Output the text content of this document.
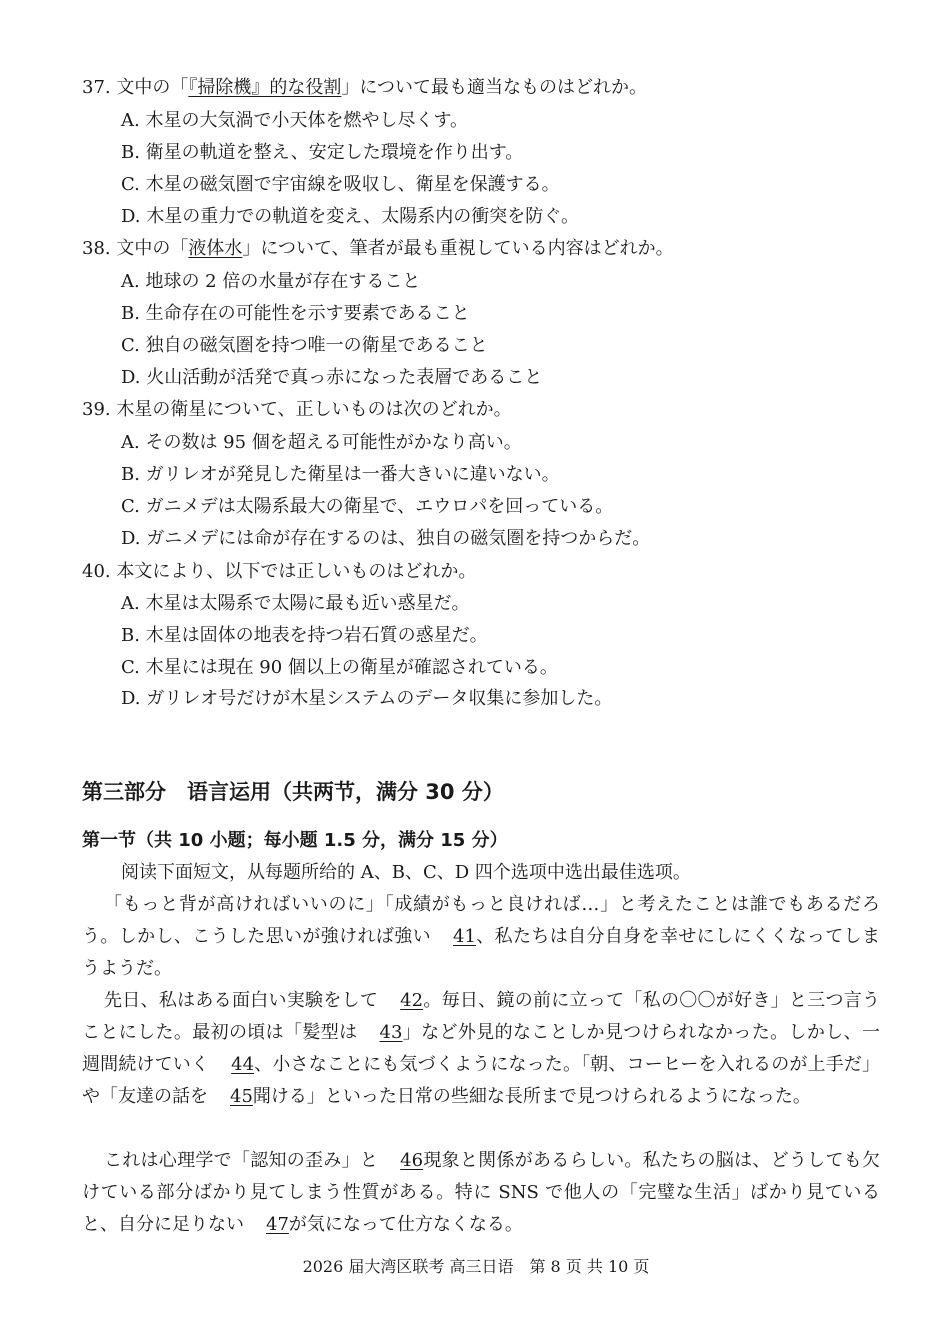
37. 文中の「『掃除機』的な役割」について最も適当なものはどれか。
A. 木星の大気渦で小天体を燃やし尽くす。
B. 衛星の軌道を整え、安定した環境を作り出す。
C. 木星の磁気圏で宇宙線を吸収し、衛星を保護する。
D. 木星の重力での軌道を変え、太陽系内の衝突を防ぐ。
38. 文中の「液体水」について、筆者が最も重視している内容はどれか。
A. 地球の 2 倍の水量が存在すること
B. 生命存在の可能性を示す要素であること
C. 独自の磁気圏を持つ唯一の衛星であること
D. 火山活動が活発で真っ赤になった表層であること
39. 木星の衛星について、正しいものは次のどれか。
A. その数は 95 個を超える可能性がかなり高い。
B. ガリレオが発見した衛星は一番大きいに違いない。
C. ガニメデは太陽系最大の衛星で、エウロパを回っている。
D. ガニメデには命が存在するのは、独自の磁気圏を持つからだ。
40. 本文により、以下では正しいものはどれか。
A. 木星は太陽系で太陽に最も近い惑星だ。
B. 木星は固体の地表を持つ岩石質の惑星だ。
C. 木星には現在 90 個以上の衛星が確認されている。
D. ガリレオ号だけが木星システムのデータ収集に参加した。
第三部分　语言运用（共两节，满分 30 分）
第一节（共 10 小题；每小题 1.5 分，满分 15 分）
阅读下面短文，从每题所给的 A、B、C、D 四个选项中选出最佳选项。
「もっと背が高ければいいのに」「成績がもっと良ければ…」と考えたことは誰でもあるだろう。しかし、こうした思いが強ければ強い 41、私たちは自分自身を幸せにしにくくなってしまうようだ。
先日、私はある面白い実験をして 42。毎日、鏡の前に立って「私の〇〇が好き」と三つ言うことにした。最初の頃は「髪型は 43」など外見的なことしか見つけられなかった。しかし、一週間続けていく 44、小さなことにも気づくようになった。「朝、コーヒーを入れるのが上手だ」や「友達の話を 45聞ける」といった日常の些細な長所まで見つけられるようになった。
これは心理学で「認知の歪み」と 46現象と関係があるらしい。私たちの脳は、どうしても欠けている部分ばかり見てしまう性質がある。特に SNS で他人の「完璧な生活」ばかり見ていると、自分に足りない 47が気になって仕方なくなる。
2026 届大湾区联考 高三日语　第 8 页 共 10 页
